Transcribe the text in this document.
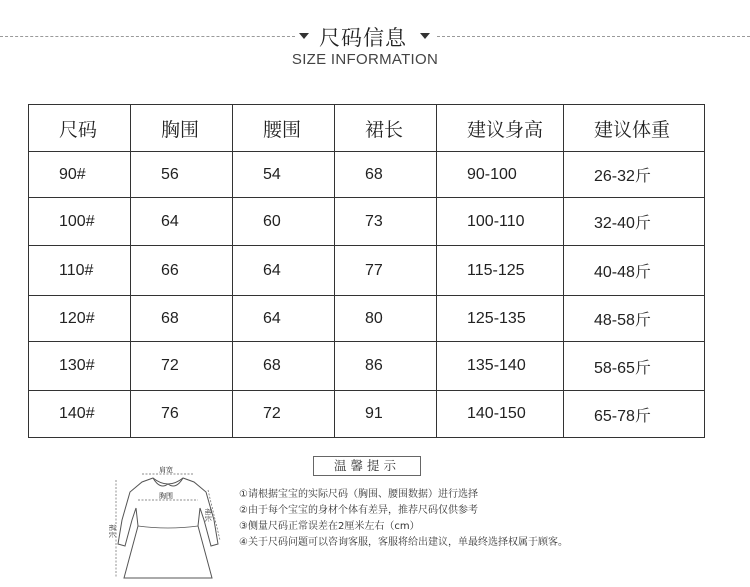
尺码信息
SIZE INFORMATION
尺码	胸围	腰围	裙长	建议身高	建议体重
90#	56	54	68	90-100	26-32斤
100#	64	60	73	100-110	32-40斤
110#	66	64	77	115-125	40-48斤
120#	68	64	80	125-135	48-58斤
130#	72	68	86	135-140	58-65斤
140#	76	72	91	140-150	65-78斤
肩宽
胸围
袖长
裙长
温馨提示
①请根据宝宝的实际尺码（胸围、腰围数据）进行选择
②由于每个宝宝的身材个体有差异，推荐尺码仅供参考
③侧量尺码正常误差在2厘米左右（cm）
④关于尺码问题可以咨询客服，客服将给出建议，单最终选择权属于顾客。
